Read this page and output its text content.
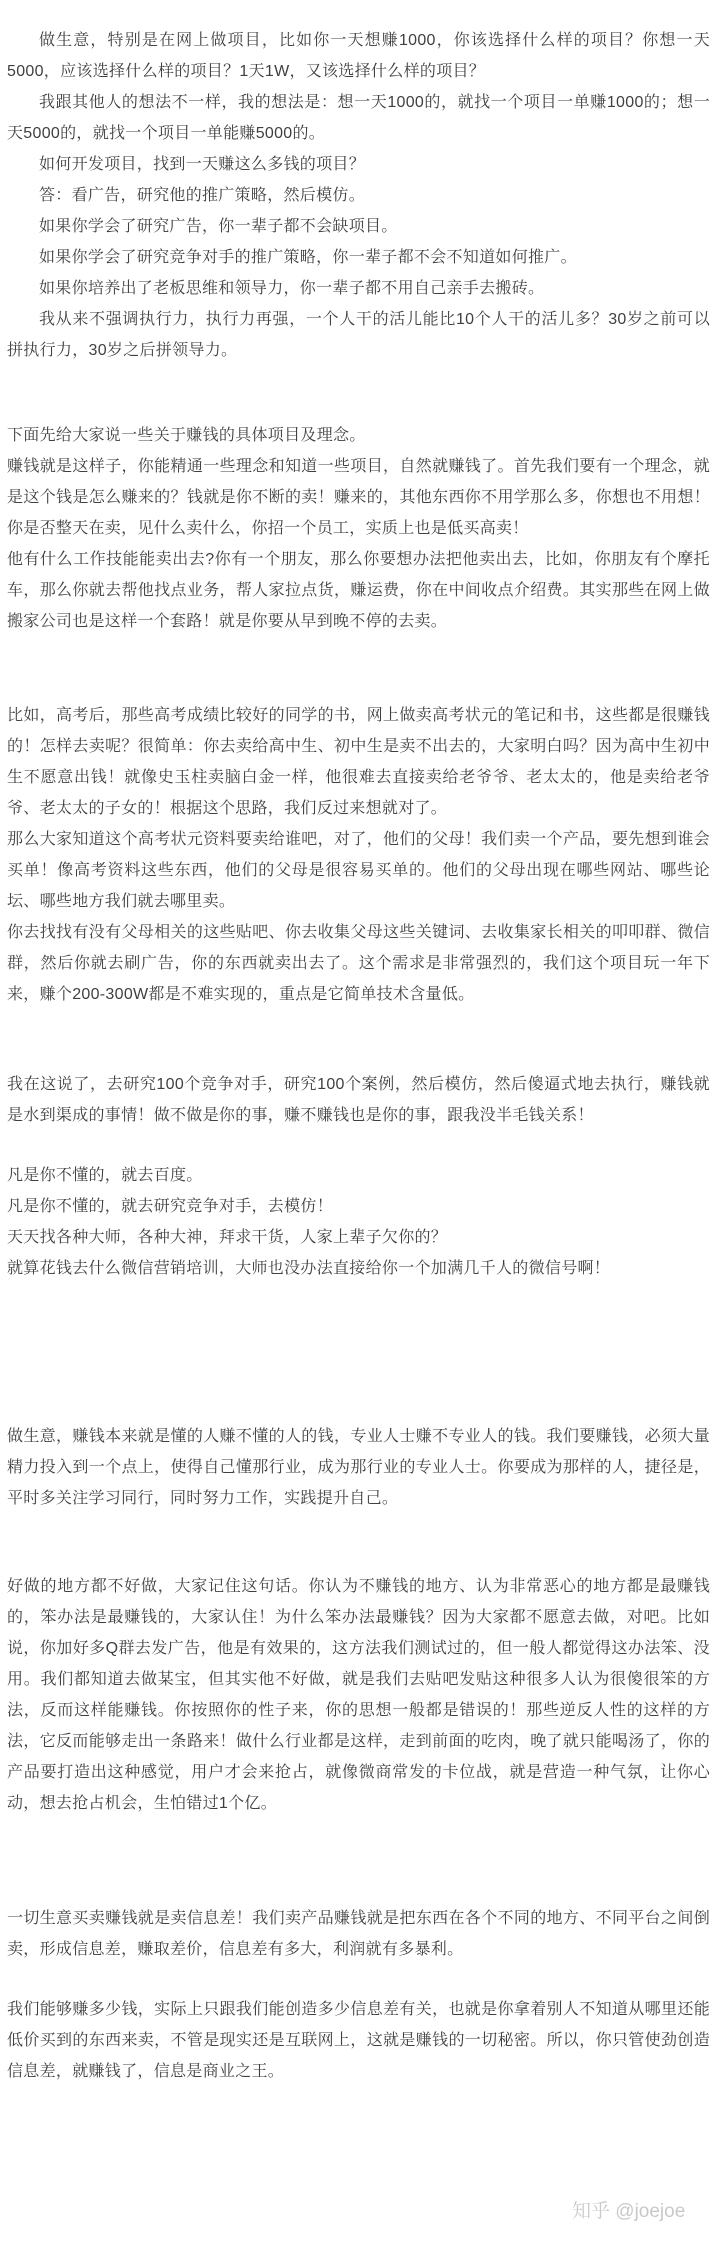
做生意，特别是在网上做项目，比如你一天想赚1000，你该选择什么样的项目？你想一天5000，应该选择什么样的项目？1天1W，又该选择什么样的项目？

我跟其他人的想法不一样，我的想法是：想一天1000的，就找一个项目一单赚1000的；想一天5000的，就找一个项目一单能赚5000的。

如何开发项目，找到一天赚这么多钱的项目？

答：看广告，研究他的推广策略，然后模仿。

如果你学会了研究广告，你一辈子都不会缺项目。

如果你学会了研究竞争对手的推广策略，你一辈子都不会不知道如何推广。

如果你培养出了老板思维和领导力，你一辈子都不用自己亲手去搬砖。

我从来不强调执行力，执行力再强，一个人干的活儿能比10个人干的活儿多？30岁之前可以拼执行力，30岁之后拼领导力。

下面先给大家说一些关于赚钱的具体项目及理念。

赚钱就是这样子，你能精通一些理念和知道一些项目，自然就赚钱了。首先我们要有一个理念，就是这个钱是怎么赚来的？钱就是你不断的卖！赚来的，其他东西你不用学那么多，你想也不用想！你是否整天在卖，见什么卖什么，你招一个员工，实质上也是低买高卖！

他有什么工作技能能卖出去?你有一个朋友，那么你要想办法把他卖出去，比如，你朋友有个摩托车，那么你就去帮他找点业务，帮人家拉点货，赚运费，你在中间收点介绍费。其实那些在网上做搬家公司也是这样一个套路！就是你要从早到晚不停的去卖。

比如，高考后，那些高考成绩比较好的同学的书，网上做卖高考状元的笔记和书，这些都是很赚钱的！怎样去卖呢？很简单：你去卖给高中生、初中生是卖不出去的，大家明白吗？因为高中生初中生不愿意出钱！就像史玉柱卖脑白金一样，他很难去直接卖给老爷爷、老太太的，他是卖给老爷爷、老太太的子女的！根据这个思路，我们反过来想就对了。

那么大家知道这个高考状元资料要卖给谁吧，对了，他们的父母！我们卖一个产品，要先想到谁会买单！像高考资料这些东西，他们的父母是很容易买单的。他们的父母出现在哪些网站、哪些论坛、哪些地方我们就去哪里卖。

你去找找有没有父母相关的这些贴吧、你去收集父母这些关键词、去收集家长相关的叩叩群、微信群，然后你就去刷广告，你的东西就卖出去了。这个需求是非常强烈的，我们这个项目玩一年下来，赚个200-300W都是不难实现的，重点是它简单技术含量低。

我在这说了，去研究100个竞争对手，研究100个案例，然后模仿，然后傻逼式地去执行，赚钱就是水到渠成的事情！做不做是你的事，赚不赚钱也是你的事，跟我没半毛钱关系！

凡是你不懂的，就去百度。

凡是你不懂的，就去研究竞争对手，去模仿！

天天找各种大师，各种大神，拜求干货，人家上辈子欠你的？

就算花钱去什么微信营销培训，大师也没办法直接给你一个加满几千人的微信号啊！

做生意，赚钱本来就是懂的人赚不懂的人的钱，专业人士赚不专业人的钱。我们要赚钱，必须大量精力投入到一个点上，使得自己懂那行业，成为那行业的专业人士。你要成为那样的人，捷径是，平时多关注学习同行，同时努力工作，实践提升自己。

好做的地方都不好做，大家记住这句话。你认为不赚钱的地方、认为非常恶心的地方都是最赚钱的，笨办法是最赚钱的，大家认住！为什么笨办法最赚钱？因为大家都不愿意去做，对吧。比如说，你加好多Q群去发广告，他是有效果的，这方法我们测试过的，但一般人都觉得这办法笨、没用。我们都知道去做某宝，但其实他不好做，就是我们去贴吧发贴这种很多人认为很傻很笨的方法，反而这样能赚钱。你按照你的性子来，你的思想一般都是错误的！那些逆反人性的这样的方法，它反而能够走出一条路来！做什么行业都是这样，走到前面的吃肉，晚了就只能喝汤了，你的产品要打造出这种感觉，用户才会来抢占，就像微商常发的卡位战，就是营造一种气氛，让你心动，想去抢占机会，生怕错过1个亿。

一切生意买卖赚钱就是卖信息差！我们卖产品赚钱就是把东西在各个不同的地方、不同平台之间倒卖，形成信息差，赚取差价，信息差有多大，利润就有多暴利。

我们能够赚多少钱，实际上只跟我们能创造多少信息差有关，也就是你拿着别人不知道从哪里还能低价买到的东西来卖，不管是现实还是互联网上，这就是赚钱的一切秘密。所以，你只管使劲创造信息差，就赚钱了，信息是商业之王。

知乎 @joejoe
